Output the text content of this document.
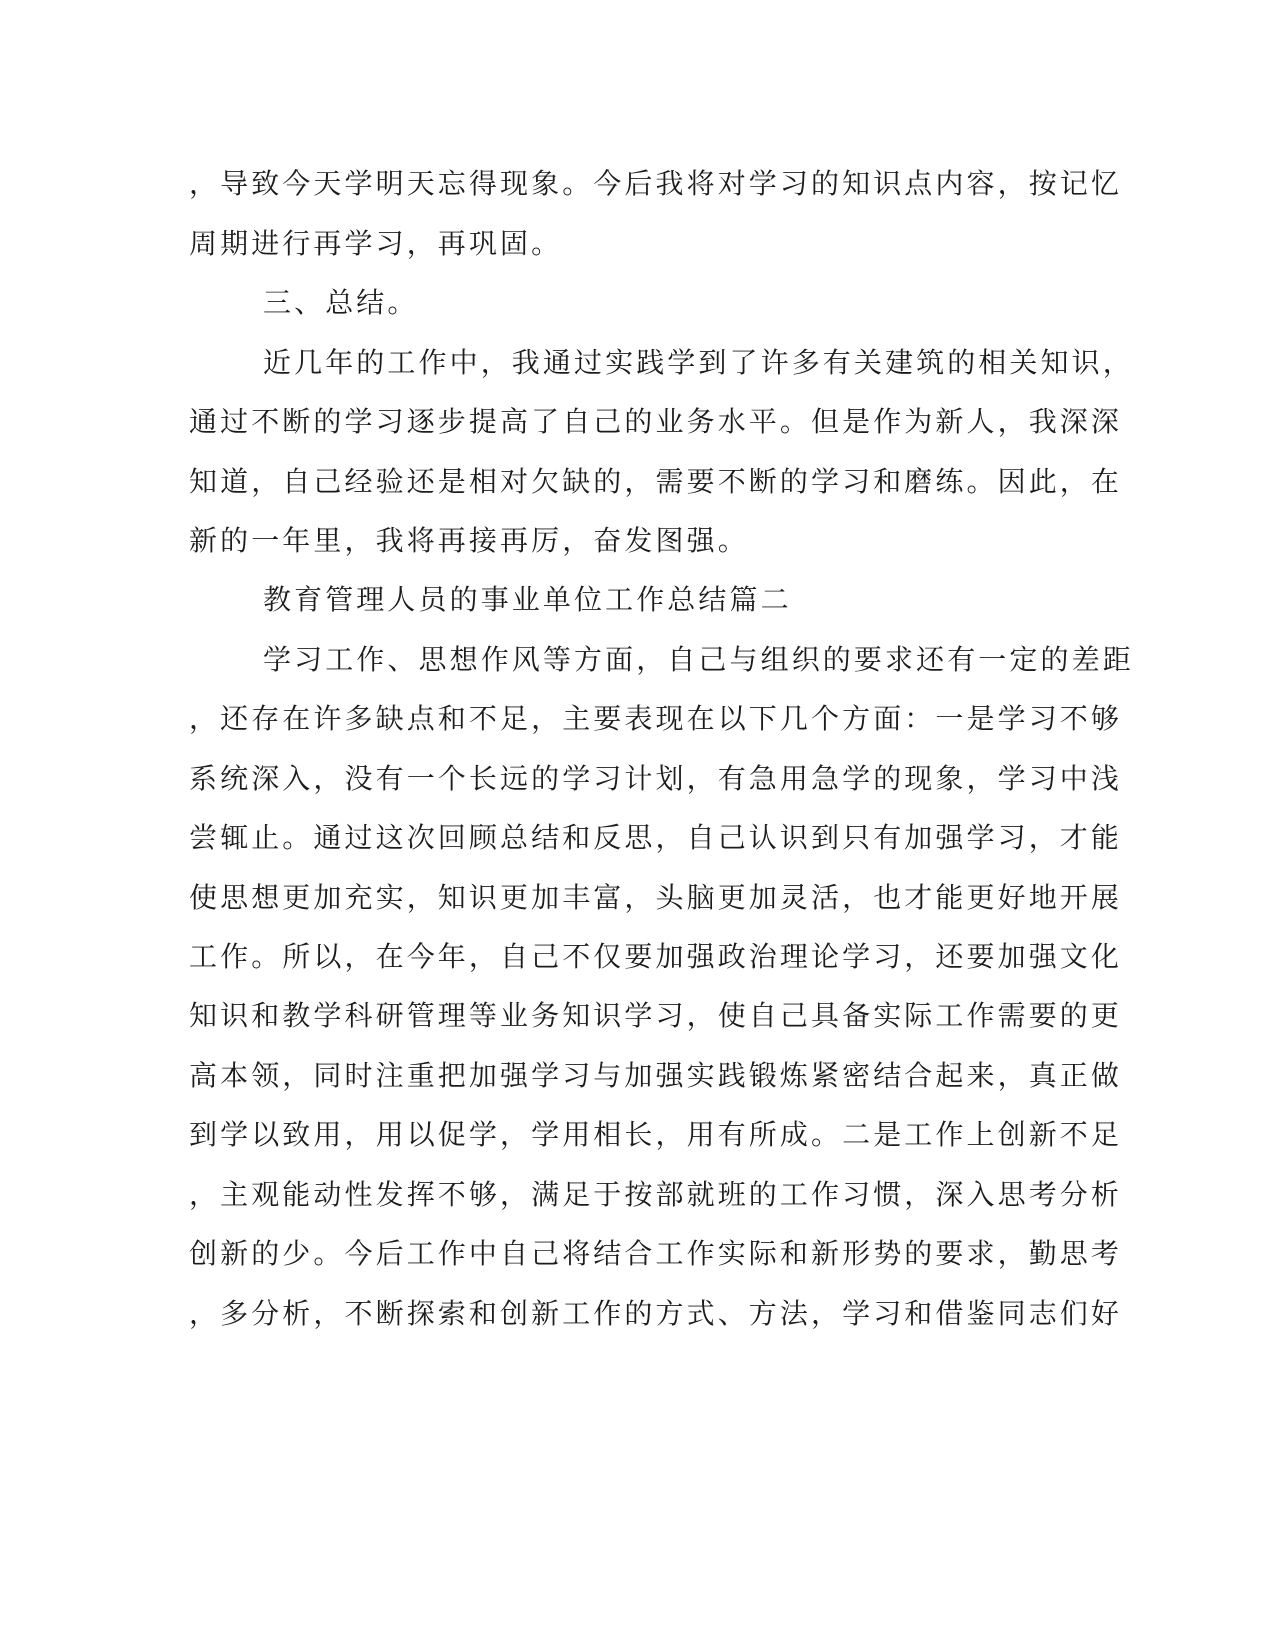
，导致今天学明天忘得现象。今后我将对学习的知识点内容，按记忆
周期进行再学习，再巩固。
三、总结。
近几年的工作中，我通过实践学到了许多有关建筑的相关知识，
通过不断的学习逐步提高了自己的业务水平。但是作为新人，我深深
知道，自己经验还是相对欠缺的，需要不断的学习和磨练。因此，在
新的一年里，我将再接再厉，奋发图强。
教育管理人员的事业单位工作总结篇二
学习工作、思想作风等方面，自己与组织的要求还有一定的差距
，还存在许多缺点和不足，主要表现在以下几个方面：一是学习不够
系统深入，没有一个长远的学习计划，有急用急学的现象，学习中浅
尝辄止。通过这次回顾总结和反思，自己认识到只有加强学习，才能
使思想更加充实，知识更加丰富，头脑更加灵活，也才能更好地开展
工作。所以，在今年，自己不仅要加强政治理论学习，还要加强文化
知识和教学科研管理等业务知识学习，使自己具备实际工作需要的更
高本领，同时注重把加强学习与加强实践锻炼紧密结合起来，真正做
到学以致用，用以促学，学用相长，用有所成。二是工作上创新不足
，主观能动性发挥不够，满足于按部就班的工作习惯，深入思考分析
创新的少。今后工作中自己将结合工作实际和新形势的要求，勤思考
，多分析，不断探索和创新工作的方式、方法，学习和借鉴同志们好
